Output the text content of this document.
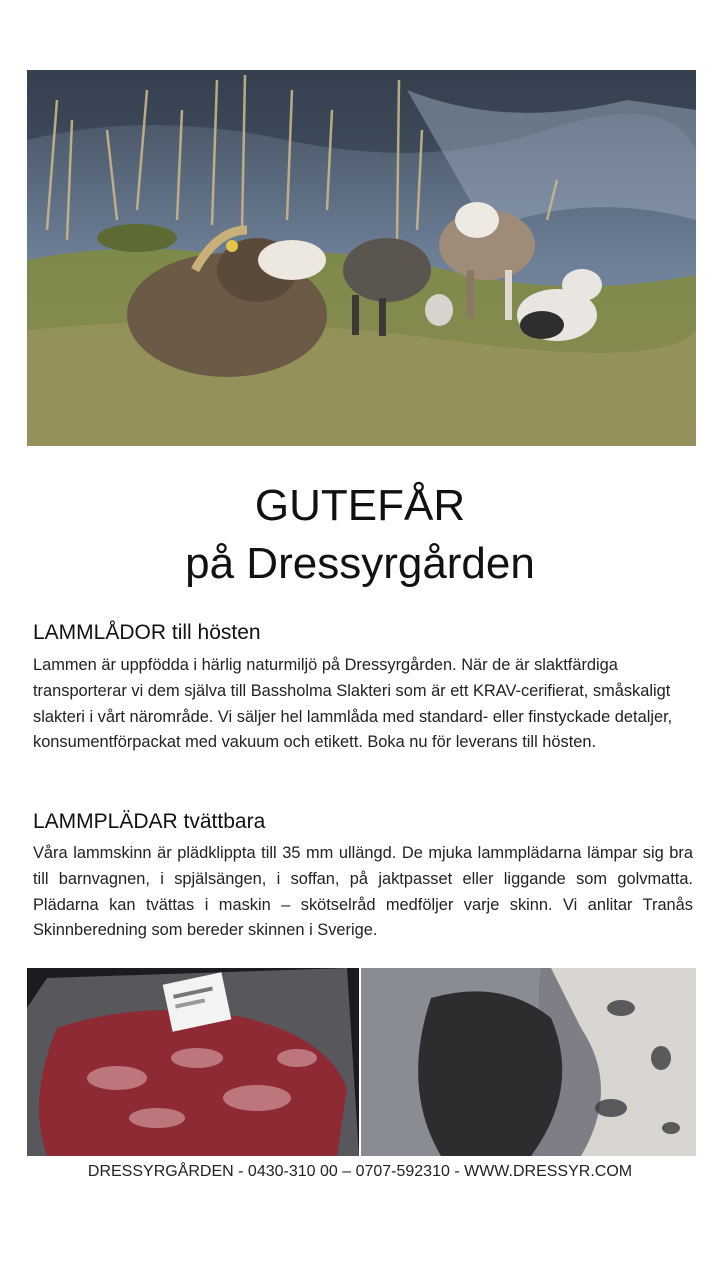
GUTEFÅR
på Dressyrgården
LAMMLÅDOR till hösten

Lammen är uppfödda i härlig naturmiljö på Dressyrgården. När de är slaktfärdiga transporterar vi dem själva till Bassholma Slakteri som är ett KRAV-cerifierat, småskaligt slakteri i vårt närområde. Vi säljer hel lammlåda med standard- eller finstyckade detaljer, konsumentförpackat med vakuum och etikett. Boka nu för leverans till hösten.

LAMMPLÄDAR tvättbara

Våra lammskinn är plädklippta till 35 mm ullängd. De mjuka lammplädarna lämpar sig bra till barnvagnen, i spjälsängen, i soffan, på jaktpasset eller liggande som golvmatta. Plädarna kan tvättas i maskin – skötselråd medföljer varje skinn. Vi anlitar Tranås Skinnberedning som bereder skinnen i Sverige.

DRESSYRGÅRDEN - 0430-310 00 – 0707-592310 - WWW.DRESSYR.COM
